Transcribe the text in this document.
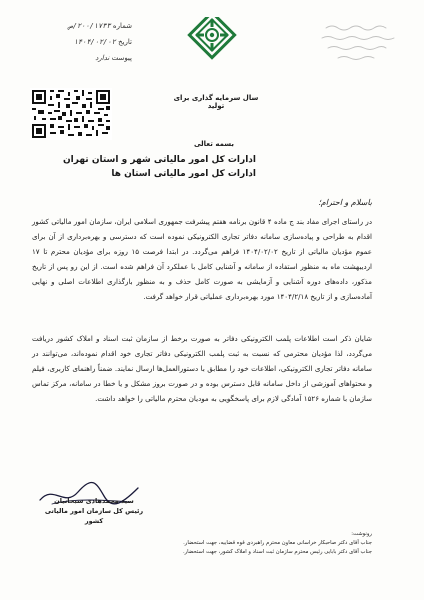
شماره ۲۰۰/۱۷۳۳/ص
تاریخ ۱۴۰۴/۰۲/۰۲
پیوست ندارد
سال سرمایه گذاری برای تولید
بسمه تعالی
ادارات کل امور مالیاتی شهر و استان تهران
ادارات کل امور مالیاتی استان ها
باسلام و احترام؛
در راستای اجرای مفاد بند ج ماده ۴ قانون برنامه هفتم پیشرفت جمهوری اسلامی ایران، سازمان امور مالیاتی کشور اقدام به طراحی و پیاده‌سازی سامانه دفاتر تجاری الکترونیکی نموده است که دسترسی و بهره‌برداری از آن برای عموم مؤدیان مالیاتی از تاریخ ۱۴۰۴/۰۲/۰۲ فراهم می‌گردد. در ابتدا فرصت ۱۵ روزه برای مؤدیان محترم تا ۱۷ اردیبهشت ماه به منظور استفاده از سامانه و آشنایی کامل با عملکرد آن فراهم شده است. از این رو پس از تاریخ مذکور، داده‌های دوره آشنایی و آزمایشی به صورت کامل حذف و به منظور بارگذاری اطلاعات اصلی و نهایی آماده‌سازی و از تاریخ ۱۴۰۴/۲/۱۸ مورد بهره‌برداری عملیاتی قرار خواهد گرفت.
شایان ذکر است اطلاعات پلمب الکترونیکی دفاتر به صورت برخط از سازمان ثبت اسناد و املاک کشور دریافت می‌گردد، لذا مؤدیان محترمی که نسبت به ثبت پلمب الکترونیکی دفاتر تجاری خود اقدام نموده‌اند، می‌توانند در سامانه دفاتر تجاری الکترونیکی، اطلاعات خود را مطابق با دستورالعمل‌ها ارسال نمایند. ضمناً راهنمای کاربری، فیلم و محتواهای آموزشی از داخل سامانه قابل دسترس بوده و در صورت بروز مشکل و یا خطا در سامانه، مرکز تماس سازمان با شماره ۱۵۲۶ آمادگی لازم برای پاسخگویی به مودیان محترم مالیاتی را خواهد داشت.
سید محمدهادی سبحانیان
رئیس کل سازمان امور مالیاتی کشور
رونوشت:
جناب آقای دکتر صاحبکار خراسانی معاون محترم راهبردی قوه قضاییه، جهت استحضار.
جناب آقای دکتر بابایی رئیس محترم سازمان ثبت اسناد و املاک کشور، جهت استحضار.
